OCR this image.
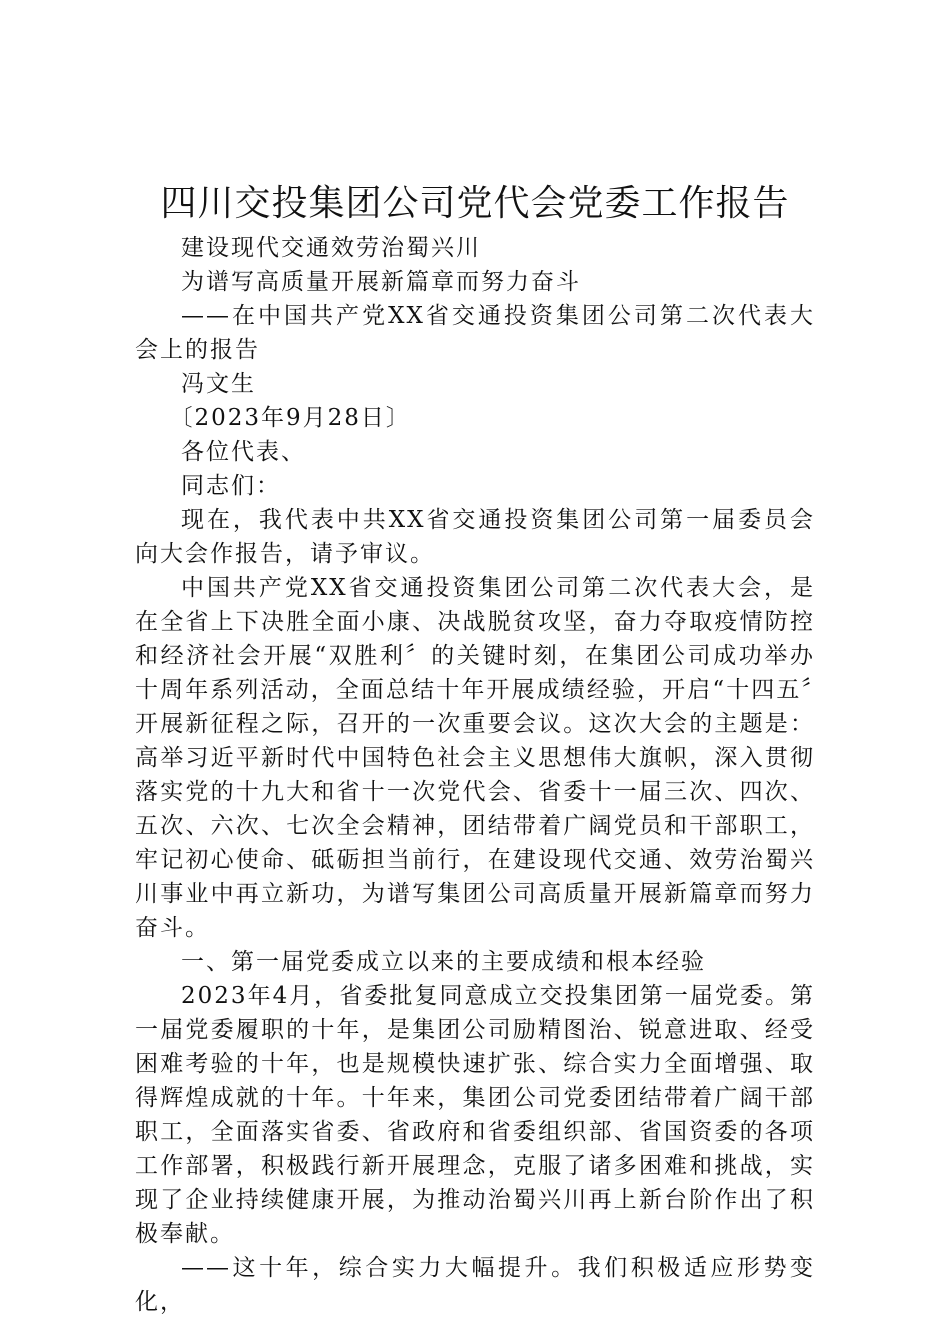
四川交投集团公司党代会党委工作报告

建设现代交通效劳治蜀兴川

为谱写高质量开展新篇章而努力奋斗

——在中国共产党XX省交通投资集团公司第二次代表大会上的报告

冯文生

〔2023年9月28日〕

各位代表、

同志们：

现在，我代表中共XX省交通投资集团公司第一届委员会向大会作报告，请予审议。

中国共产党XX省交通投资集团公司第二次代表大会，是在全省上下决胜全面小康、决战脱贫攻坚，奋力夺取疫情防控和经济社会开展“双胜利〞的关键时刻，在集团公司成功举办十周年系列活动，全面总结十年开展成绩经验，开启“十四五〞开展新征程之际，召开的一次重要会议。这次大会的主题是：高举习近平新时代中国特色社会主义思想伟大旗帜，深入贯彻落实党的十九大和省十一次党代会、省委十一届三次、四次、五次、六次、七次全会精神，团结带着广阔党员和干部职工，牢记初心使命、砥砺担当前行，在建设现代交通、效劳治蜀兴川事业中再立新功，为谱写集团公司高质量开展新篇章而努力奋斗。

一、第一届党委成立以来的主要成绩和根本经验

2023年4月，省委批复同意成立交投集团第一届党委。第一届党委履职的十年，是集团公司励精图治、锐意进取、经受困难考验的十年，也是规模快速扩张、综合实力全面增强、取得辉煌成就的十年。十年来，集团公司党委团结带着广阔干部职工，全面落实省委、省政府和省委组织部、省国资委的各项工作部署，积极践行新开展理念，克服了诸多困难和挑战，实现了企业持续健康开展，为推动治蜀兴川再上新台阶作出了积极奉献。

——这十年，综合实力大幅提升。我们积极适应形势变化，
